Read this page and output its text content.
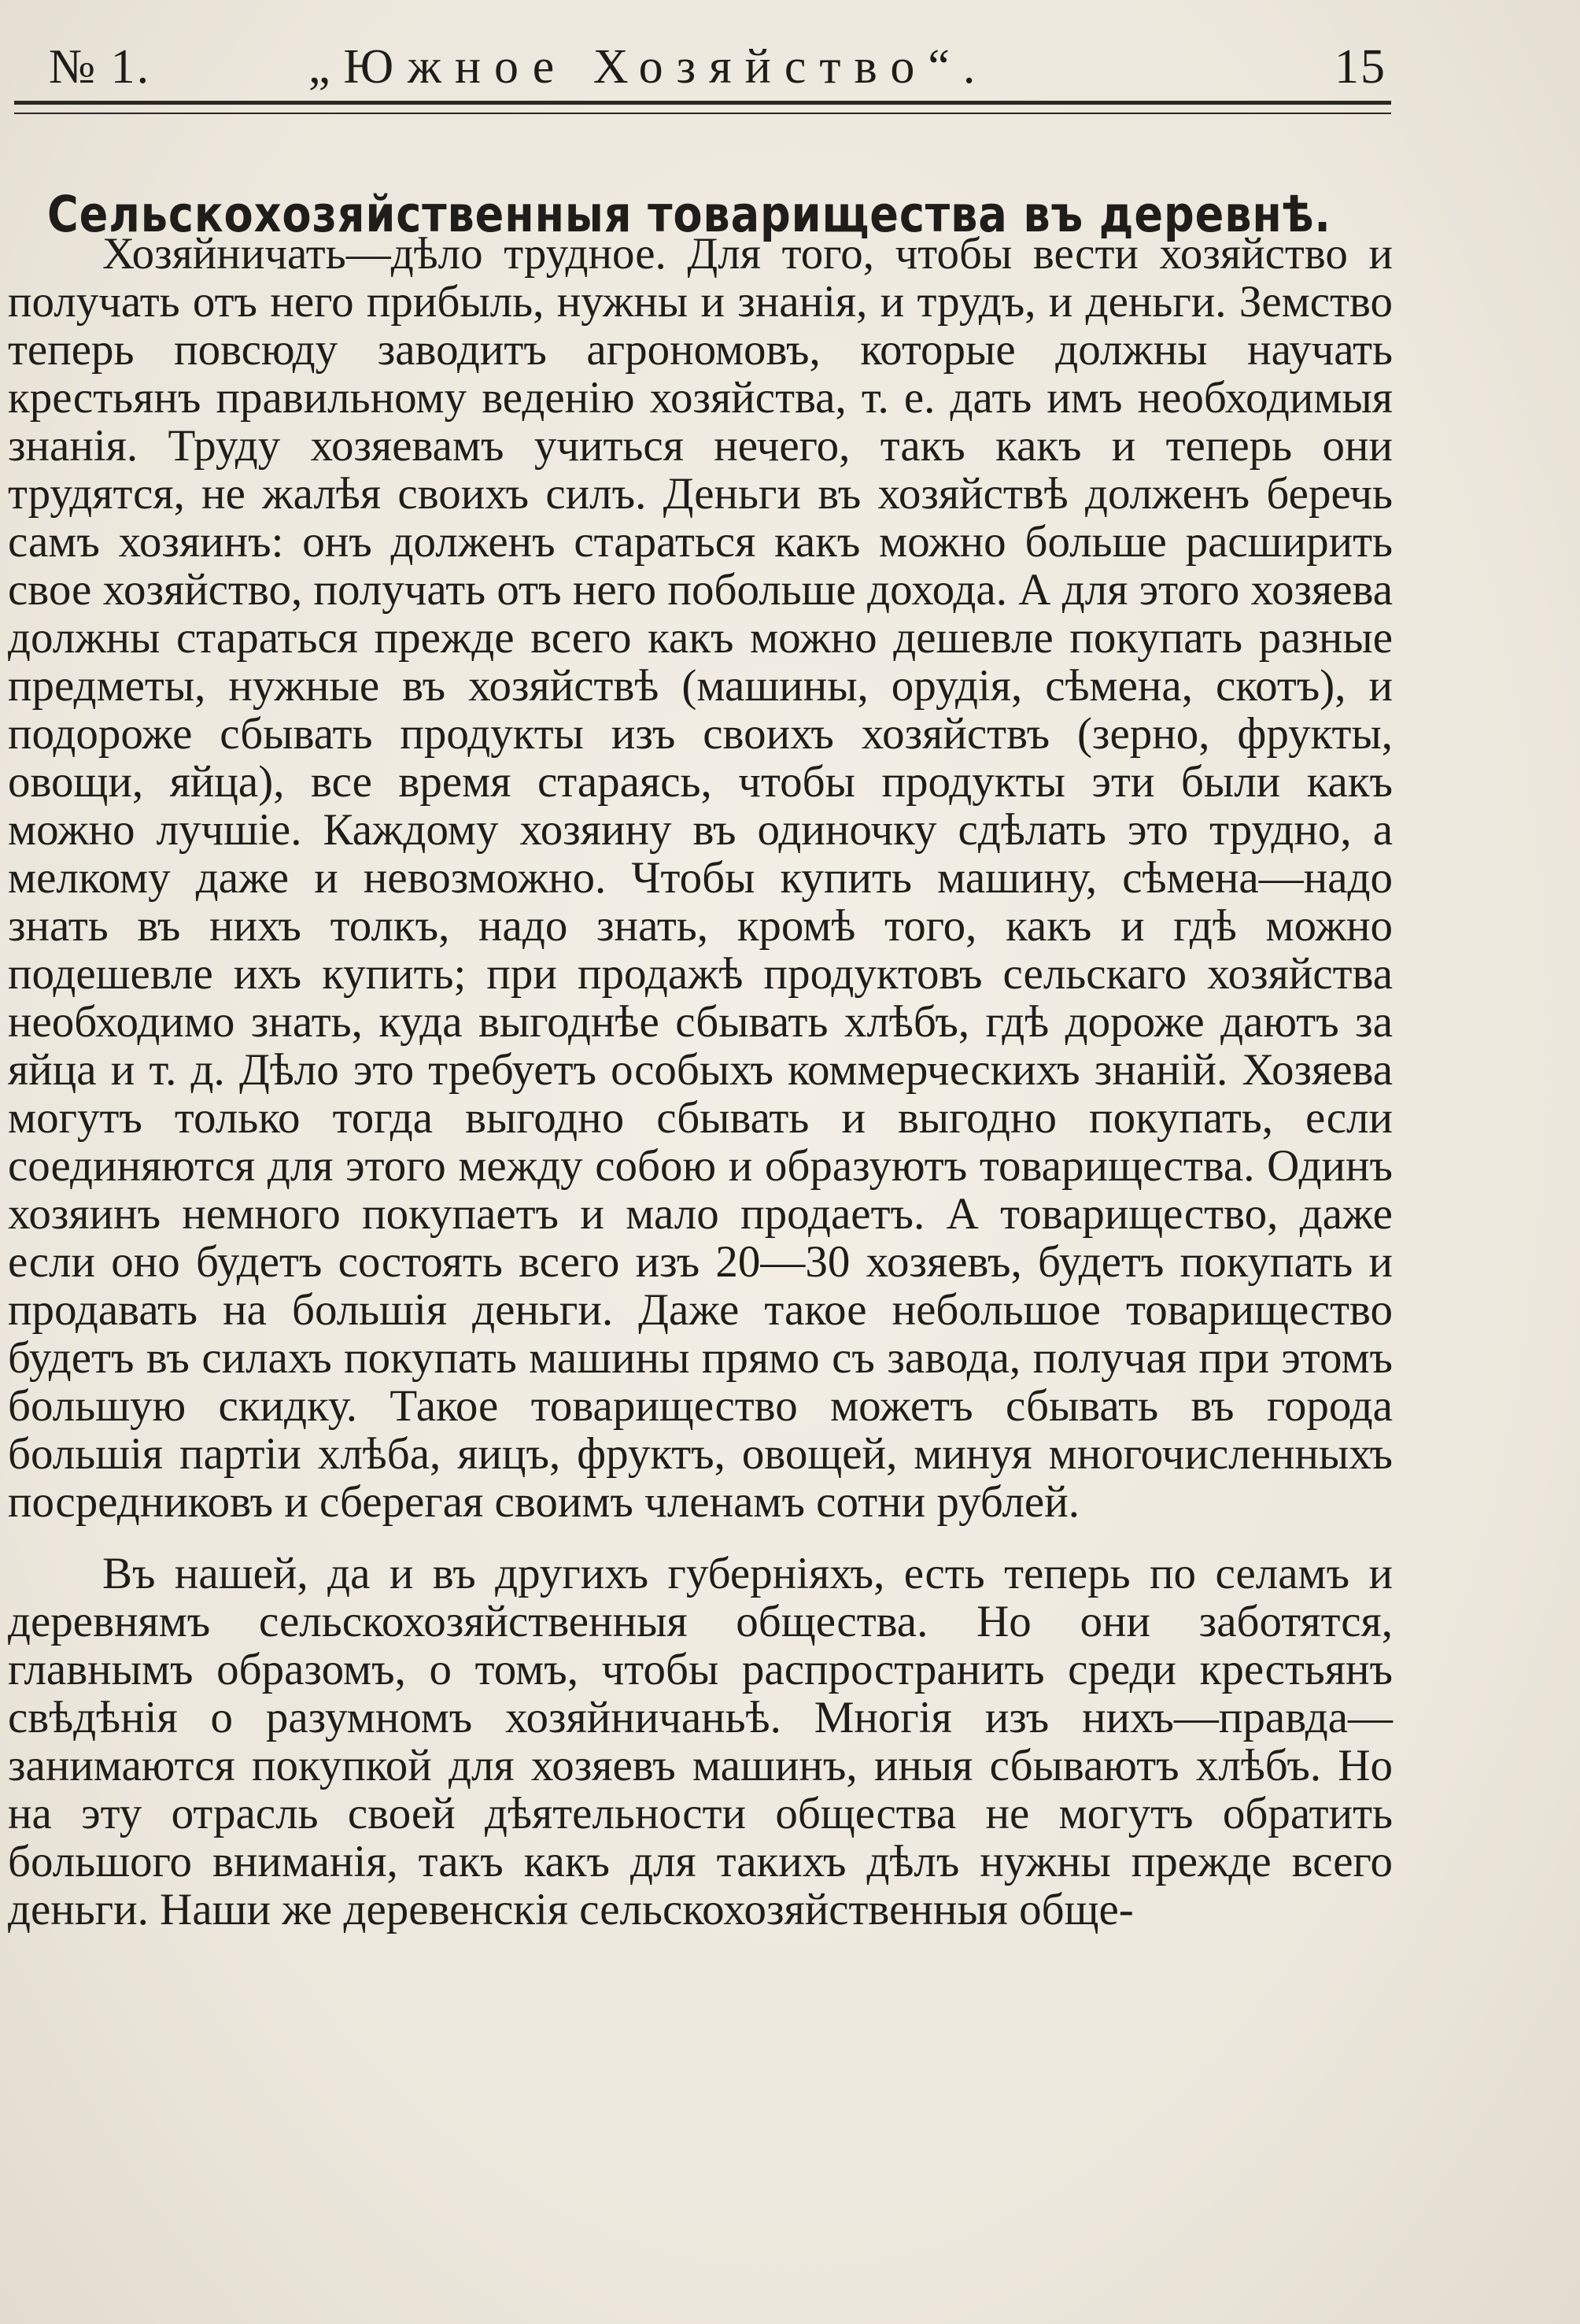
№ 1.	„Южное Хозяйство“.	15
Сельскохозяйственныя товарищества въ деревнѣ.

Хозяйничать—дѣло трудное. Для того, чтобы вести хозяйство и получать отъ него прибыль, нужны и знанія, и трудъ, и деньги. Земство теперь повсюду заводитъ агрономовъ, которые должны научать крестьянъ правильному веденію хозяйства, т. е. дать имъ необходимыя знанія. Труду хозяевамъ учиться нечего, такъ какъ и теперь они трудятся, не жалѣя своихъ силъ. Деньги въ хозяйствѣ долженъ беречь самъ хозяинъ: онъ долженъ стараться какъ можно больше расширить свое хозяйство, получать отъ него побольше дохода. А для этого хозяева должны стараться прежде всего какъ можно дешевле покупать разные предметы, нужные въ хозяйствѣ (машины, орудія, сѣмена, скотъ), и подороже сбывать продукты изъ своихъ хозяйствъ (зерно, фрукты, овощи, яйца), все время стараясь, чтобы продукты эти были какъ можно лучшіе. Каждому хозяину въ одиночку сдѣлать это трудно, а мелкому даже и невозможно. Чтобы купить машину, сѣмена—надо знать въ нихъ толкъ, надо знать, кромѣ того, какъ и гдѣ можно подешевле ихъ купить; при продажѣ продуктовъ сельскаго хозяйства необходимо знать, куда выгоднѣе сбывать хлѣбъ, гдѣ дороже даютъ за яйца и т. д. Дѣло это требуетъ особыхъ коммерческихъ знаній. Хозяева могутъ только тогда выгодно сбывать и выгодно покупать, если соединяются для этого между собою и образуютъ товарищества. Одинъ хозяинъ немного покупаетъ и мало продаетъ. А товарищество, даже если оно будетъ состоять всего изъ 20—30 хозяевъ, будетъ покупать и продавать на большія деньги. Даже такое небольшое товарищество будетъ въ силахъ покупать машины прямо съ завода, получая при этомъ большую скидку. Такое товарищество можетъ сбывать въ города большія партіи хлѣба, яицъ, фруктъ, овощей, минуя многочисленныхъ посредниковъ и сберегая своимъ членамъ сотни рублей.

Въ нашей, да и въ другихъ губерніяхъ, есть теперь по селамъ и деревнямъ сельскохозяйственныя общества. Но они заботятся, главнымъ образомъ, о томъ, чтобы распространить среди крестьянъ свѣдѣнія о разумномъ хозяйничаньѣ. Многія изъ нихъ—правда—занимаются покупкой для хозяевъ машинъ, иныя сбываютъ хлѣбъ. Но на эту отрасль своей дѣятельности общества не могутъ обратить большого вниманія, такъ какъ для такихъ дѣлъ нужны прежде всего деньги. Наши же деревенскія сельскохозяйственныя обще-
